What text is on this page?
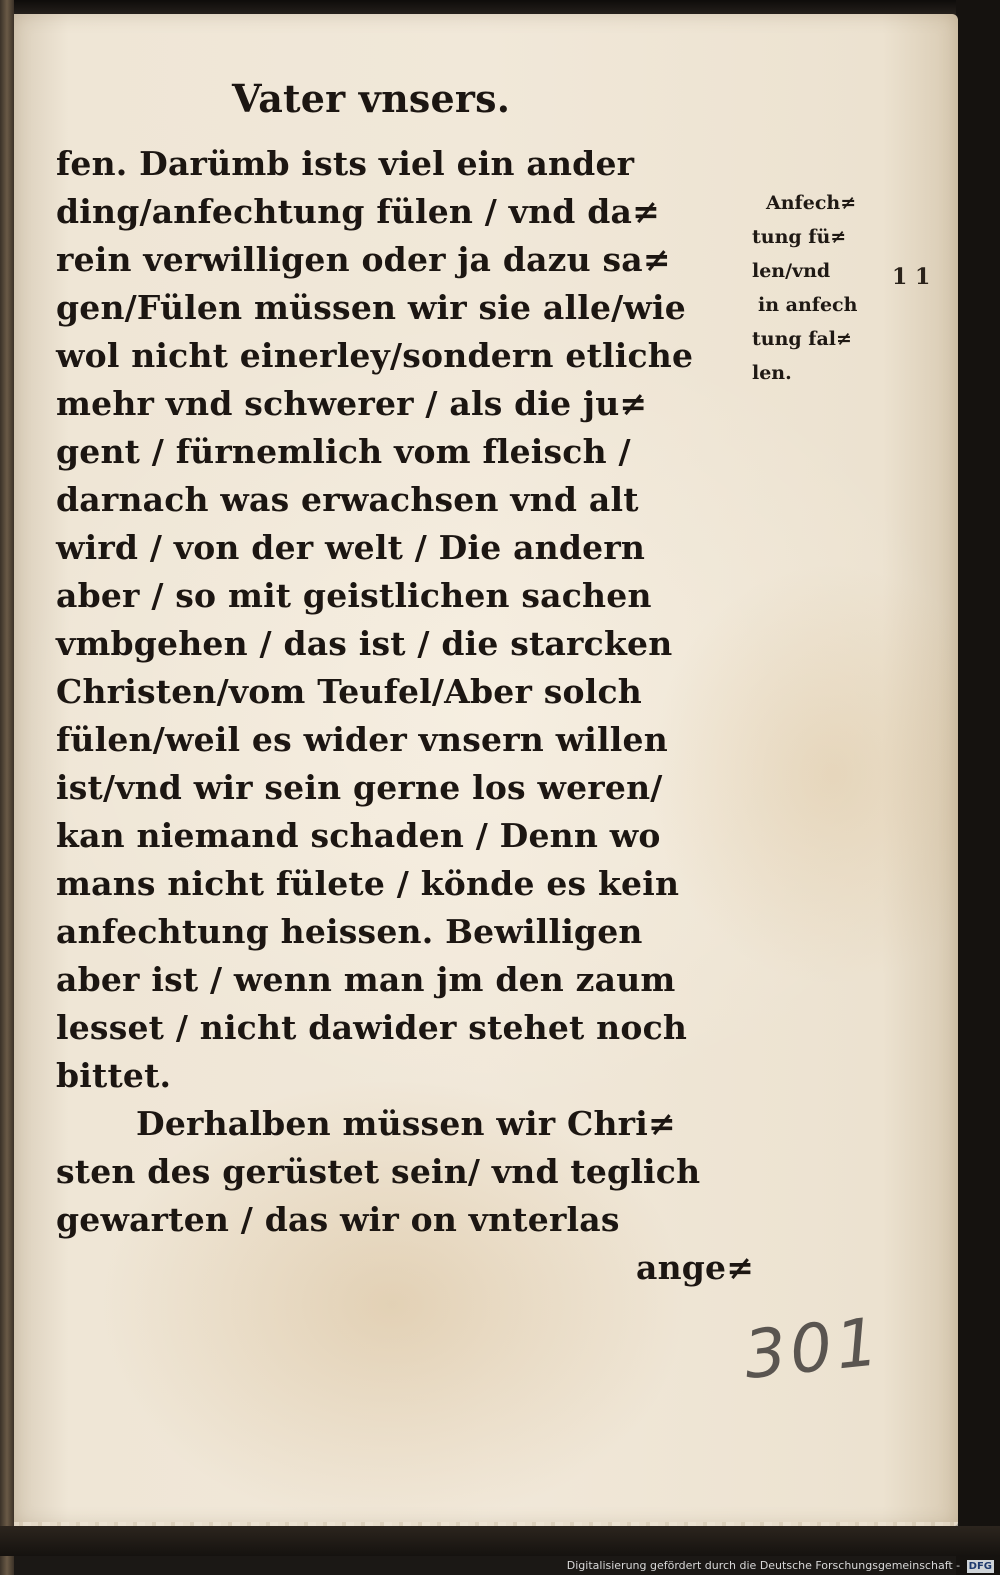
Vater vnsers.
fen. Darümb ists viel ein ander
ding/anfechtung fülen / vnd da≠
rein verwilligen oder ja dazu sa≠
gen/Fülen müssen wir sie alle/wie
wol nicht einerley/sondern etliche
mehr vnd schwerer / als die ju≠
gent / fürnemlich vom fleisch /
darnach was erwachsen vnd alt
wird / von der welt / Die andern
aber / so mit geistlichen sachen
vmbgehen / das ist / die starcken
Christen/vom Teufel/Aber solch
fülen/weil es wider vnsern willen
ist/vnd wir sein gerne los weren/
kan niemand schaden / Denn wo
mans nicht fülete / könde es kein
anfechtung heissen. Bewilligen
aber ist / wenn man jm den zaum
lesset / nicht dawider stehet noch
bittet.
Derhalben müssen wir Chri≠
sten des gerüstet sein/ vnd teglich
gewarten / das wir on vnterlas
ange≠
Anfech≠
tung fü≠
len/vnd
in anfech
tung fal≠
len.
1 1
301
Digitalisierung gefördert durch die Deutsche Forschungsgemeinschaft - DFG
